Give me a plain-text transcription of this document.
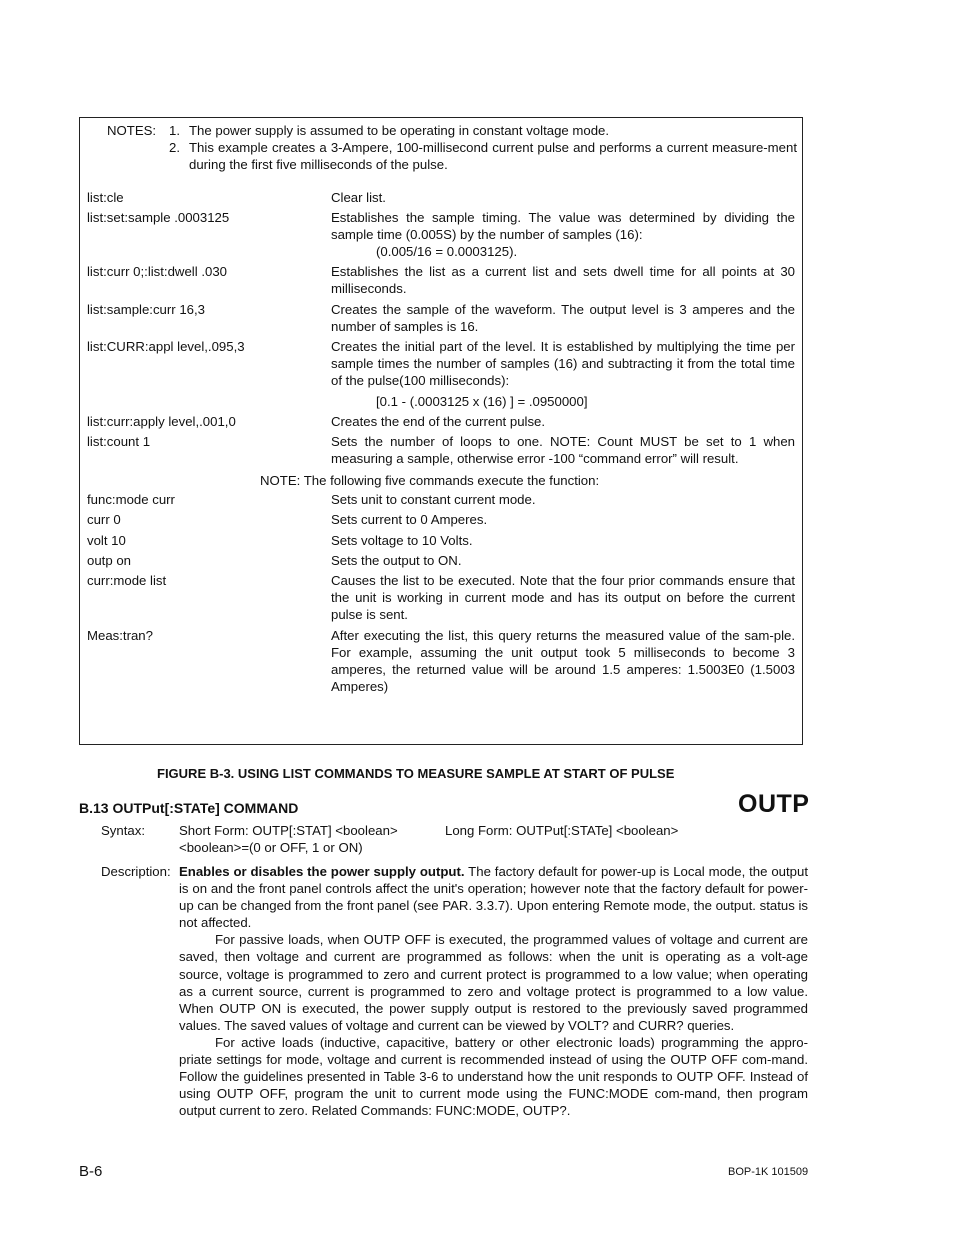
NOTES: 1. The power supply is assumed to be operating in constant voltage mode.
2. This example creates a 3-Ampere, 100-millisecond current pulse and performs a current measure-ment during the first five milliseconds of the pulse.
list:cle	Clear list.
list:set:sample .0003125	Establishes the sample timing. The value was determined by dividing the sample time (0.005S) by the number of samples (16):
(0.005/16 = 0.0003125).
list:curr 0;:list:dwell .030	Establishes the list as a current list and sets dwell time for all points at 30 milliseconds.
list:sample:curr 16,3	Creates the sample of the waveform. The output level is 3 amperes and the number of samples is 16.
list:CURR:appl level,.095,3	Creates the initial part of the level. It is established by multiplying the time per sample times the number of samples (16) and subtracting it from the total time of the pulse(100 milliseconds):
[0.1 - (.0003125 x (16) ] = .0950000]
list:curr:apply level,.001,0	Creates the end of the current pulse.
list:count 1	Sets the number of loops to one. NOTE: Count MUST be set to 1 when measuring a sample, otherwise error -100 “command error” will result.
NOTE: The following five commands execute the function:
func:mode curr	Sets unit to constant current mode.
curr 0	Sets current to 0 Amperes.
volt 10	Sets voltage to 10 Volts.
outp on	Sets the output to ON.
curr:mode list	Causes the list to be executed. Note that the four prior commands ensure that the unit is working in current mode and has its output on before the current pulse is sent.
Meas:tran?	After executing the list, this query returns the measured value of the sam-ple. For example, assuming the unit output took 5 milliseconds to become 3 amperes, the returned value will be around 1.5 amperes: 1.5003E0 (1.5003 Amperes)
FIGURE B-3. USING LIST COMMANDS TO MEASURE SAMPLE AT START OF PULSE
B.13 OUTPut[:STATe] COMMAND	OUTP
Syntax:	Short Form: OUTP[:STAT] <boolean>	Long Form: OUTPut[:STATe] <boolean>
<boolean>=(0 or OFF, 1 or ON)
Description: Enables or disables the power supply output. The factory default for power-up is Local mode, the output is on and the front panel controls affect the unit's operation; however note that the factory default for power-up can be changed from the front panel (see PAR. 3.3.7). Upon entering Remote mode, the output. status is not affected.

For passive loads, when OUTP OFF is executed, the programmed values of voltage and current are saved, then voltage and current are programmed as follows: when the unit is operating as a volt-age source, voltage is programmed to zero and current protect is programmed to a low value; when operating as a current source, current is programmed to zero and voltage protect is programmed to a low value. When OUTP ON is executed, the power supply output is restored to the previously saved programmed values. The saved values of voltage and current can be viewed by VOLT? and CURR? queries.

For active loads (inductive, capacitive, battery or other electronic loads) programming the appro-priate settings for mode, voltage and current is recommended instead of using the OUTP OFF com-mand. Follow the guidelines presented in Table 3-6 to understand how the unit responds to OUTP OFF. Instead of using OUTP OFF, program the unit to current mode using the FUNC:MODE com-mand, then program output current to zero. Related Commands: FUNC:MODE, OUTP?.

B-6	BOP-1K 101509
